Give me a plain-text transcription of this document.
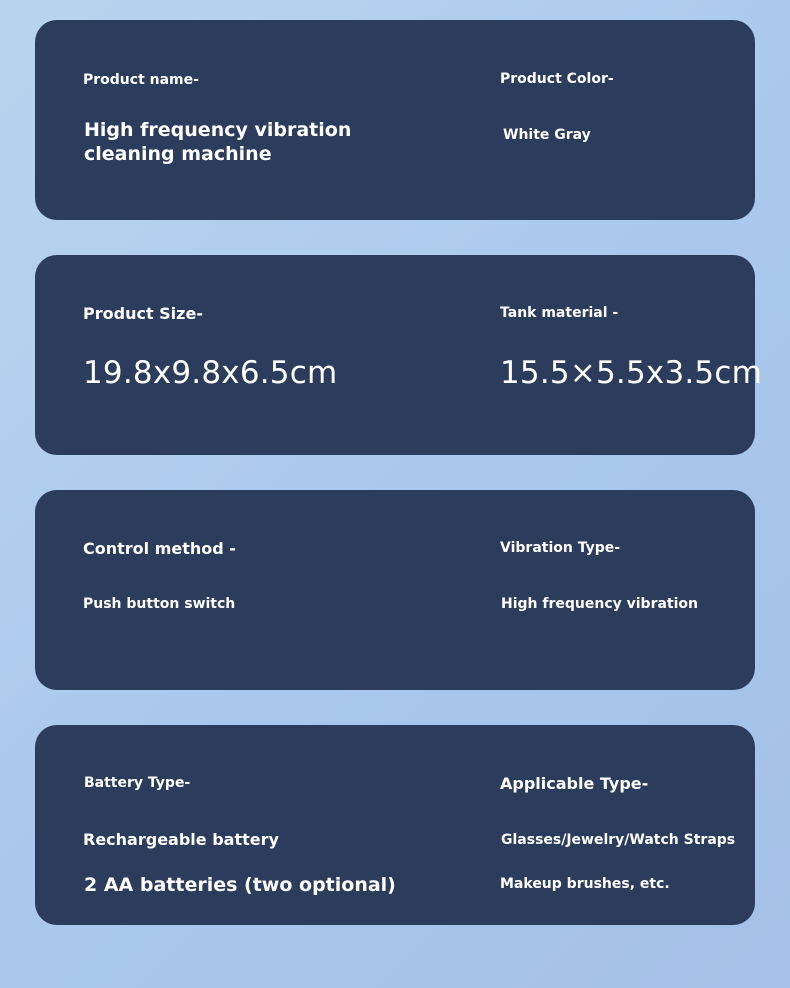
Product name-
High frequency vibration
cleaning machine
Product Color-
White Gray
Product Size-
19.8x9.8x6.5cm
Tank material -
15.5×5.5x3.5cm
Control method -
Push button switch
Vibration Type-
High frequency vibration
Battery Type-
Rechargeable battery
2 AA batteries (two optional)
Applicable Type-
Glasses/Jewelry/Watch Straps
Makeup brushes, etc.
